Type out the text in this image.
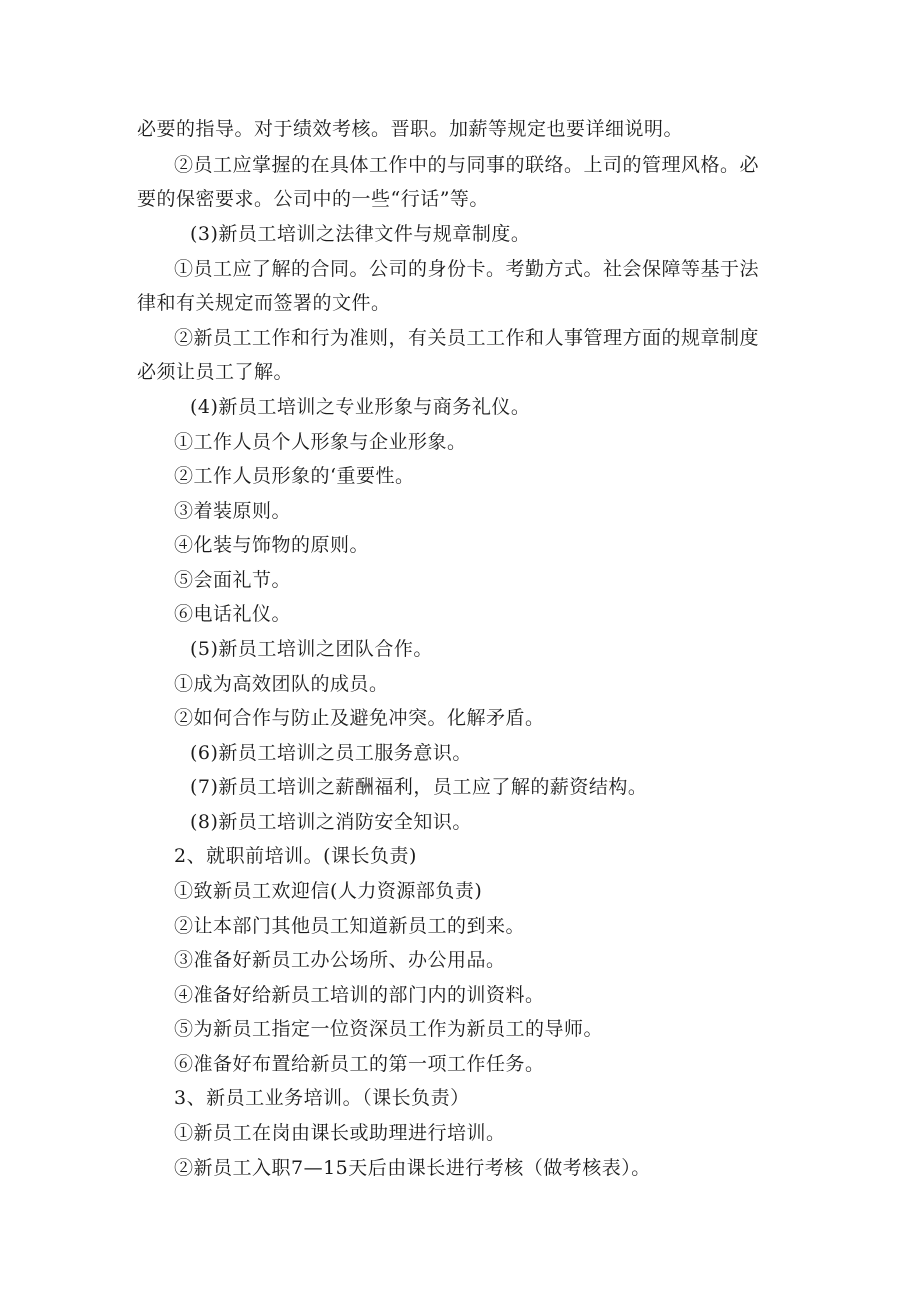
必要的指导。对于绩效考核。晋职。加薪等规定也要详细说明。
②员工应掌握的在具体工作中的与同事的联络。上司的管理风格。必
要的保密要求。公司中的一些“行话”等。
(3)新员工培训之法律文件与规章制度。
①员工应了解的合同。公司的身份卡。考勤方式。社会保障等基于法
律和有关规定而签署的文件。
②新员工工作和行为准则，有关员工工作和人事管理方面的规章制度
必须让员工了解。
(4)新员工培训之专业形象与商务礼仪。
①工作人员个人形象与企业形象。
②工作人员形象的‘重要性。
③着装原则。
④化装与饰物的原则。
⑤会面礼节。
⑥电话礼仪。
(5)新员工培训之团队合作。
①成为高效团队的成员。
②如何合作与防止及避免冲突。化解矛盾。
(6)新员工培训之员工服务意识。
(7)新员工培训之薪酬福利，员工应了解的薪资结构。
(8)新员工培训之消防安全知识。
2、就职前培训。(课长负责)
①致新员工欢迎信(人力资源部负责)
②让本部门其他员工知道新员工的到来。
③准备好新员工办公场所、办公用品。
④准备好给新员工培训的部门内的训资料。
⑤为新员工指定一位资深员工作为新员工的导师。
⑥准备好布置给新员工的第一项工作任务。
3、新员工业务培训。（课长负责）
①新员工在岗由课长或助理进行培训。
②新员工入职7—15天后由课长进行考核（做考核表）。
